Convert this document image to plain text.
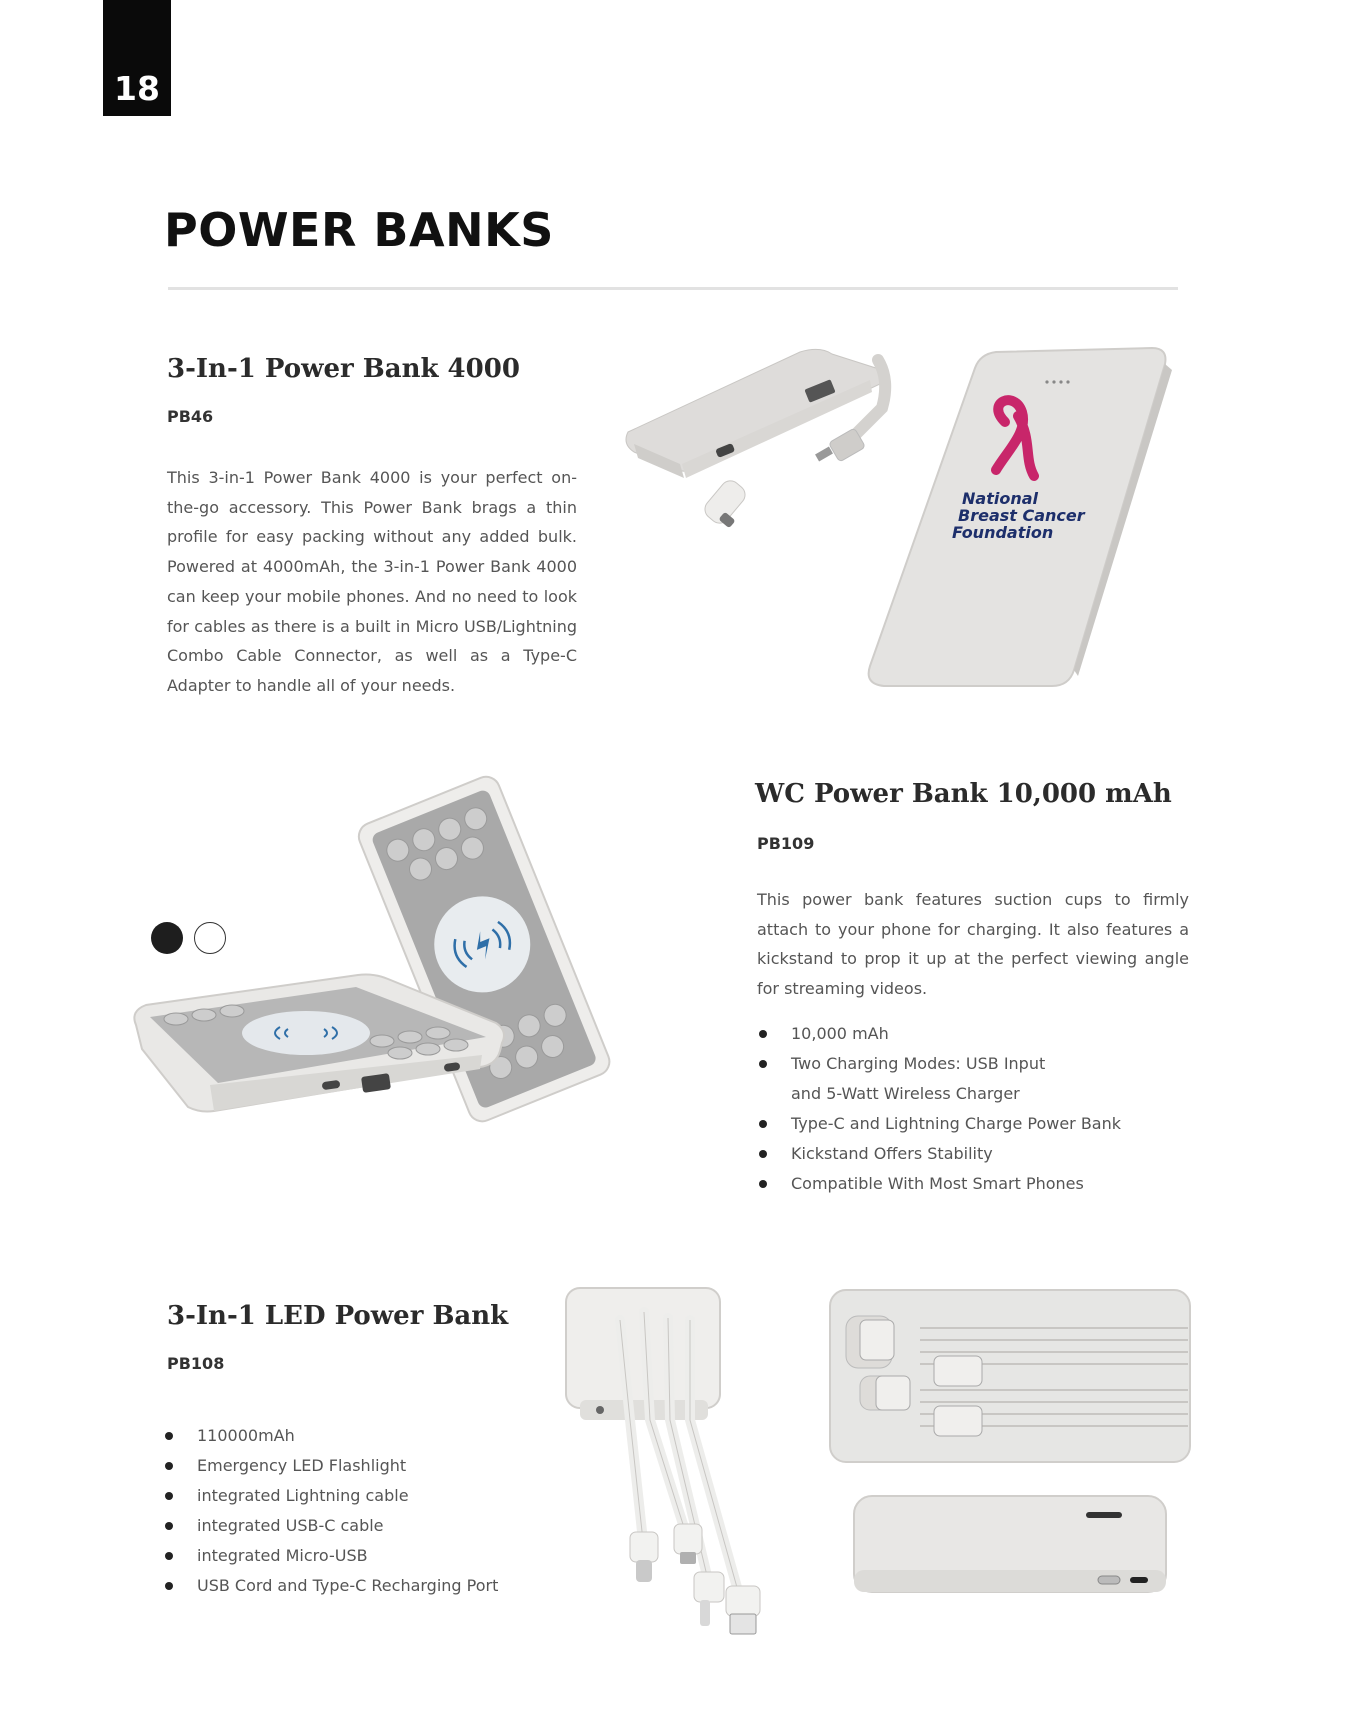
18
POWER BANKS
3-In-1 Power Bank 4000
PB46

This 3-in-1 Power Bank 4000 is your perfect on-the-go accessory. This Power Bank brags a thin profile for easy packing without any added bulk. Powered at 4000mAh, the 3-in-1 Power Bank 4000 can keep your mobile phones. And no need to look for cables as there is a built in Micro USB/Lightning Combo Cable Connector, as well as a Type-C Adapter to handle all of your needs.

National
Breast Cancer
Foundation
WC Power Bank 10,000 mAh
PB109

This power bank features suction cups to firmly attach to your phone for charging. It also features a kickstand to prop it up at the perfect viewing angle for streaming videos.

10,000 mAh
Two Charging Modes: USB Input
and 5-Watt Wireless Charger
Type-C and Lightning Charge Power Bank
Kickstand Offers Stability
Compatible With Most Smart Phones
3-In-1 LED Power Bank
PB108
110000mAh
Emergency LED Flashlight
integrated Lightning cable
integrated USB-C cable
integrated Micro-USB
USB Cord and Type-C Recharging Port
